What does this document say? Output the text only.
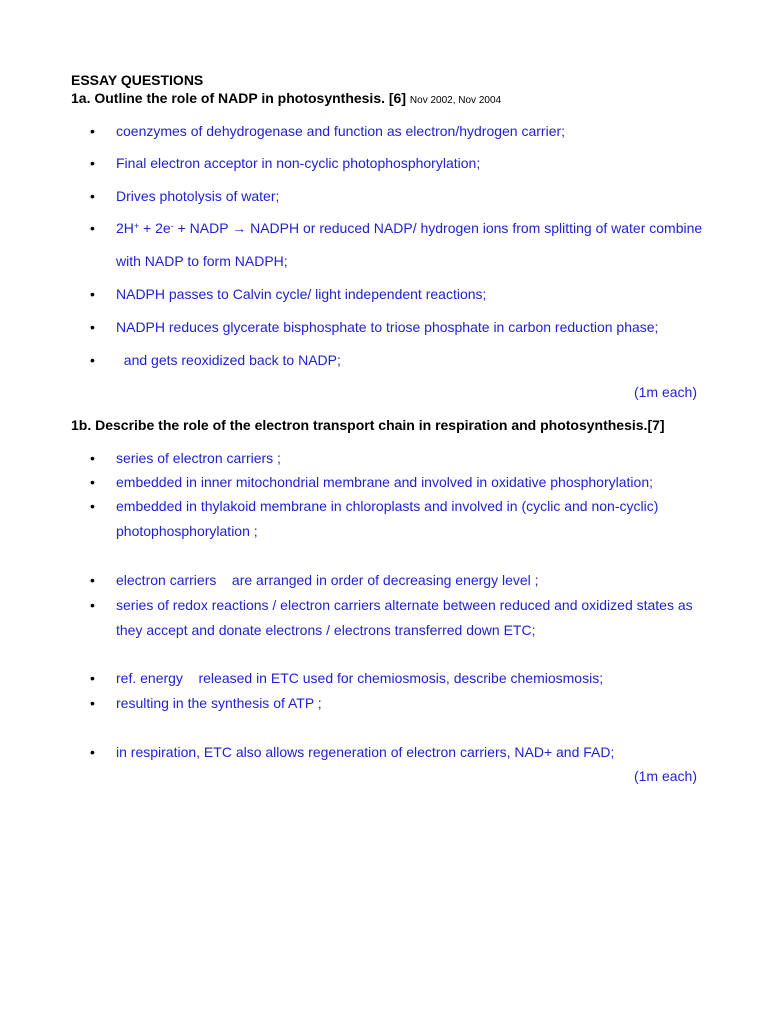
ESSAY QUESTIONS
1a. Outline the role of NADP in photosynthesis. [6] Nov 2002, Nov 2004
• coenzymes of dehydrogenase and function as electron/hydrogen carrier;
• Final electron acceptor in non-cyclic photophosphorylation;
• Drives photolysis of water;
• 2H+ + 2e- + NADP → NADPH or reduced NADP/ hydrogen ions from splitting of water combine
with NADP to form NADPH;
• NADPH passes to Calvin cycle/ light independent reactions;
• NADPH reduces glycerate bisphosphate to triose phosphate in carbon reduction phase;
• and gets reoxidized back to NADP;
(1m each)
1b. Describe the role of the electron transport chain in respiration and photosynthesis.[7]
• series of electron carriers ;
• embedded in inner mitochondrial membrane and involved in oxidative phosphorylation;
• embedded in thylakoid membrane in chloroplasts and involved in (cyclic and non-cyclic)
photophosphorylation ;
• electron carriers    are arranged in order of decreasing energy level ;
• series of redox reactions / electron carriers alternate between reduced and oxidized states as
they accept and donate electrons / electrons transferred down ETC;
• ref. energy    released in ETC used for chemiosmosis, describe chemiosmosis;
• resulting in the synthesis of ATP ;
• in respiration, ETC also allows regeneration of electron carriers, NAD+ and FAD;
(1m each)
